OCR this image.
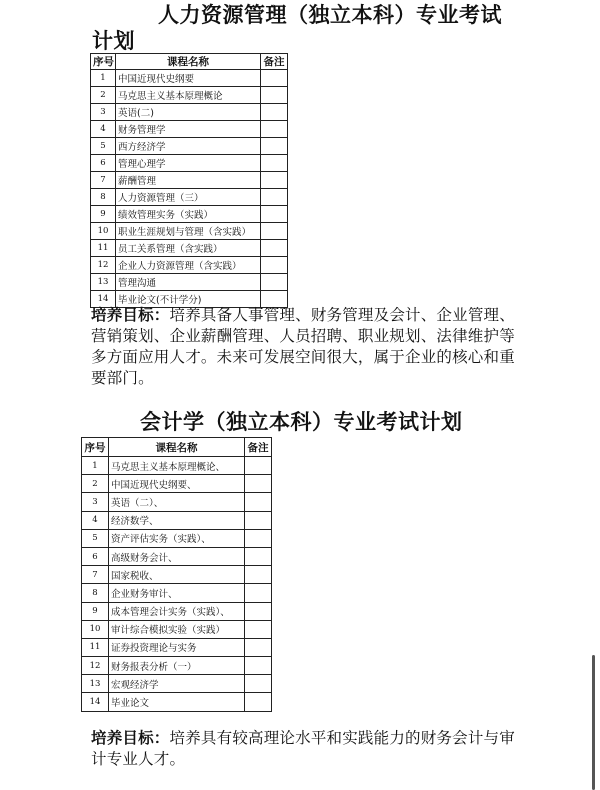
人力资源管理（独立本科）专业考试
计划
序号	课程名称	备注
1	中国近现代史纲要	
2	马克思主义基本原理概论	
3	英语(二)	
4	财务管理学	
5	西方经济学	
6	管理心理学	
7	薪酬管理	
8	人力资源管理（三）	
9	绩效管理实务（实践）	
10	职业生涯规划与管理（含实践）	
11	员工关系管理（含实践）	
12	企业人力资源管理（含实践）	
13	管理沟通	
14	毕业论文(不计学分)	
培养目标：培养具备人事管理、财务管理及会计、企业管理、营销策划、企业薪酬管理、人员招聘、职业规划、法律维护等多方面应用人才。未来可发展空间很大，属于企业的核心和重要部门。
会计学（独立本科）专业考试计划
序号	课程名称	备注
1	马克思主义基本原理概论、	
2	中国近现代史纲要、	
3	英语（二）、	
4	经济数学、	
5	资产评估实务（实践）、	
6	高级财务会计、	
7	国家税收、	
8	企业财务审计、	
9	成本管理会计实务（实践）、	
10	审计综合模拟实验（实践）	
11	证券投资理论与实务	
12	财务报表分析（一）	
13	宏观经济学	
14	毕业论文	
培养目标：培养具有较高理论水平和实践能力的财务会计与审计专业人才。
